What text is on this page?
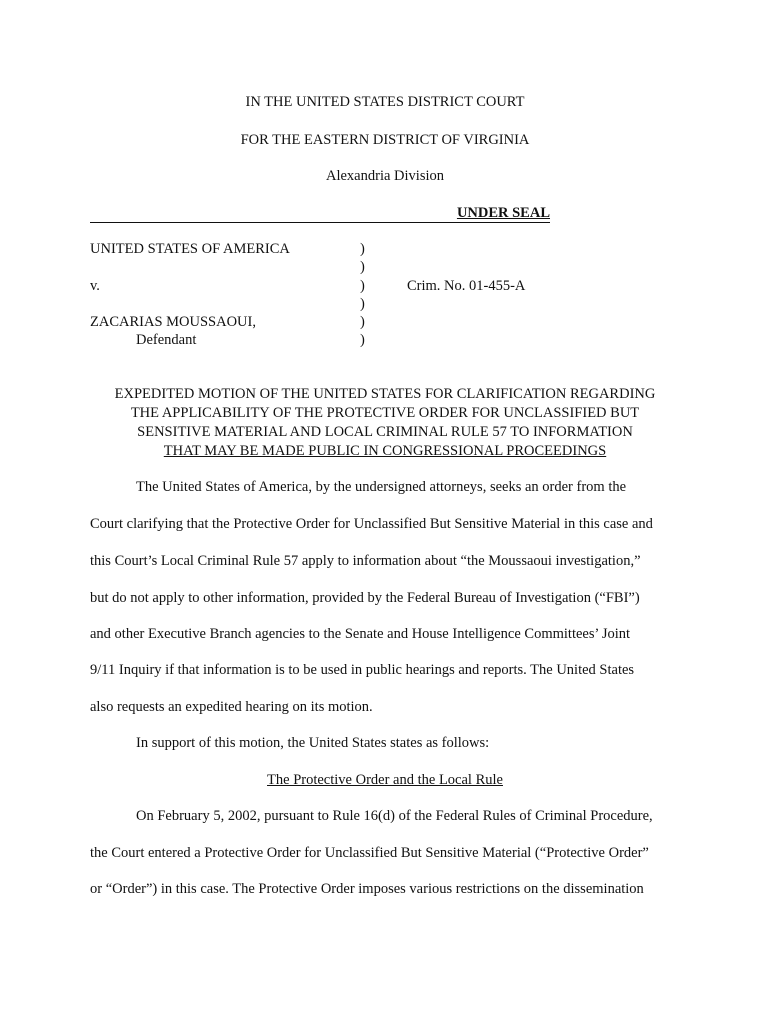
IN THE UNITED STATES DISTRICT COURT
FOR THE EASTERN DISTRICT OF VIRGINIA
Alexandria Division
UNDER SEAL
UNITED STATES OF AMERICA
v.
ZACARIAS MOUSSAOUI,
Defendant
)
)
)
)
)
)
Crim. No. 01-455-A
EXPEDITED MOTION OF THE UNITED STATES FOR CLARIFICATION REGARDING
THE APPLICABILITY OF THE PROTECTIVE ORDER FOR UNCLASSIFIED BUT
SENSITIVE MATERIAL AND LOCAL CRIMINAL RULE 57 TO INFORMATION
THAT MAY BE MADE PUBLIC IN CONGRESSIONAL PROCEEDINGS
The United States of America, by the undersigned attorneys, seeks an order from the
Court clarifying that the Protective Order for Unclassified But Sensitive Material in this case and
this Court’s Local Criminal Rule 57 apply to information about “the Moussaoui investigation,”
but do not apply to other information, provided by the Federal Bureau of Investigation (“FBI”)
and other Executive Branch agencies to the Senate and House Intelligence Committees’ Joint
9/11 Inquiry if that information is to be used in public hearings and reports. The United States
also requests an expedited hearing on its motion.
In support of this motion, the United States states as follows:
The Protective Order and the Local Rule
On February 5, 2002, pursuant to Rule 16(d) of the Federal Rules of Criminal Procedure,
the Court entered a Protective Order for Unclassified But Sensitive Material (“Protective Order”
or “Order”) in this case. The Protective Order imposes various restrictions on the dissemination
